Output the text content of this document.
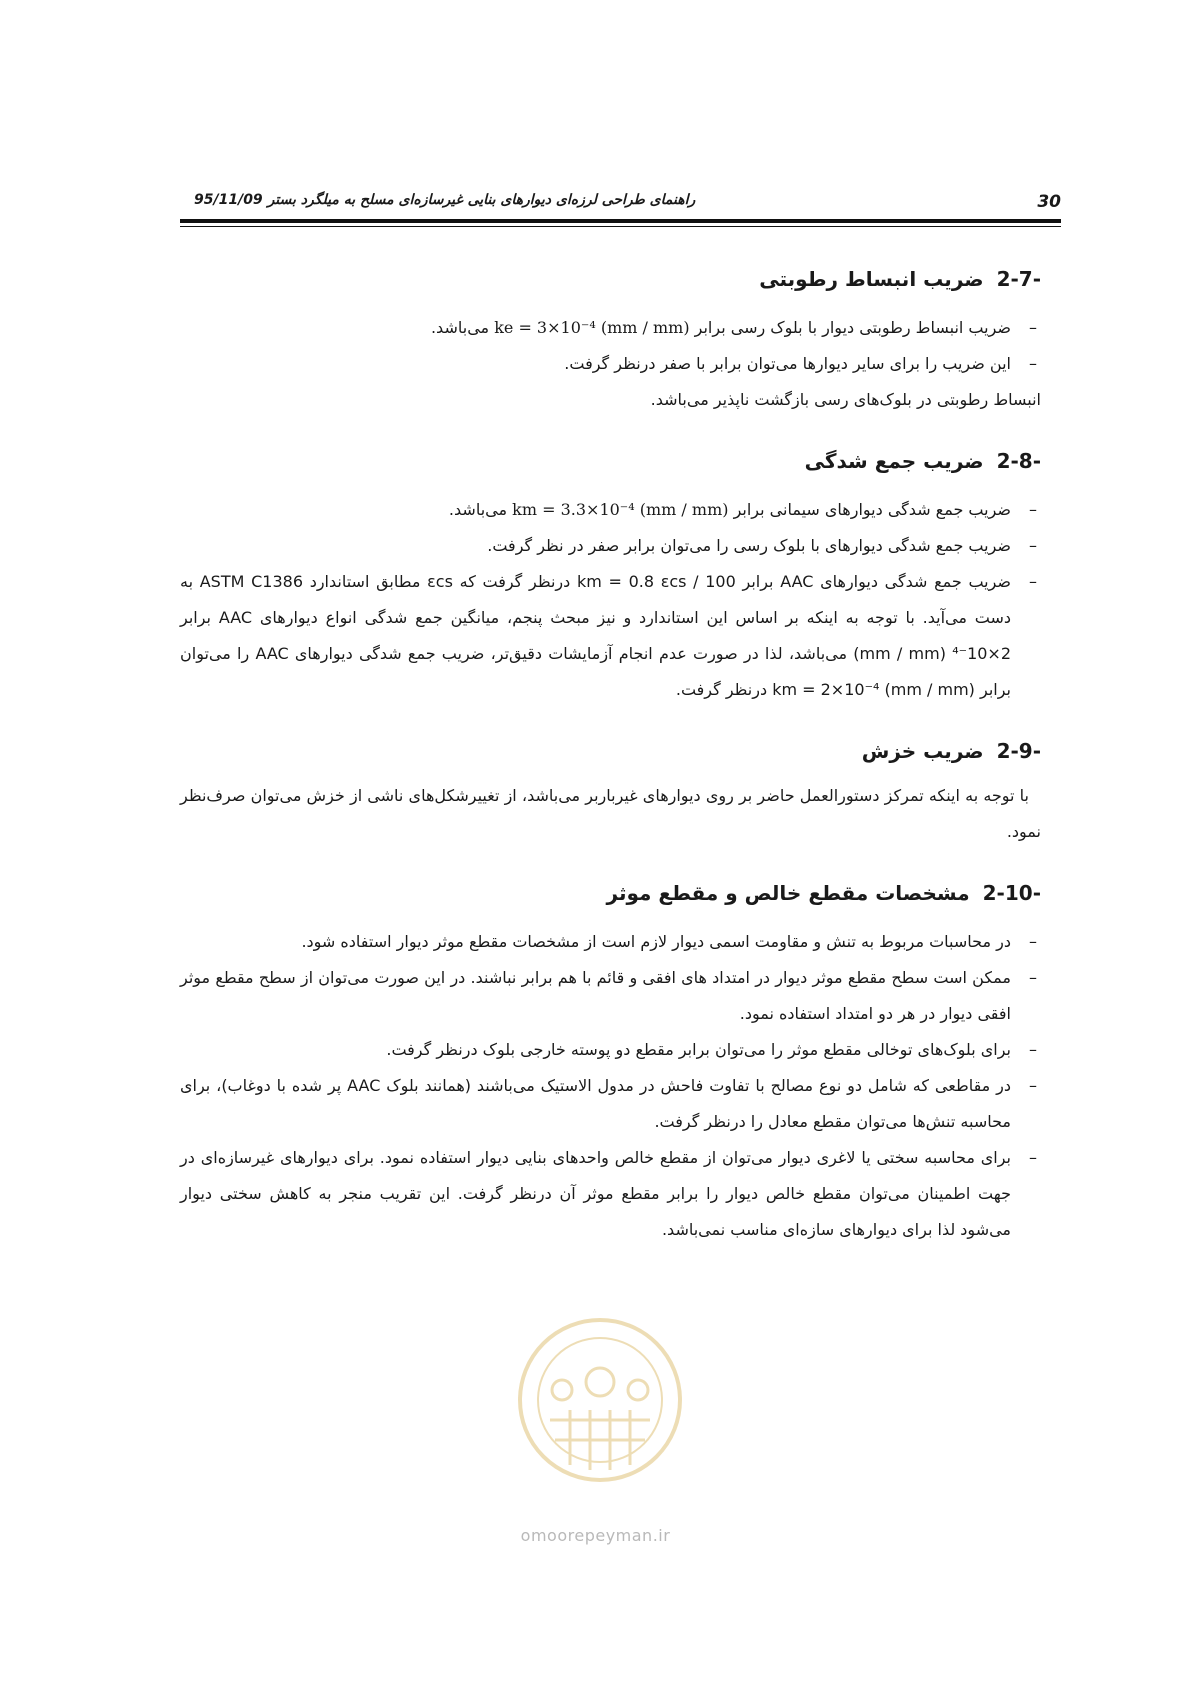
راهنمای طراحی لرزه‌ای دیوارهای بنایی غیرسازه‌ای مسلح به میلگرد بستر 95/11/09	30
2-7- ضریب انبساط رطوبتی
– ضریب انبساط رطوبتی دیوار با بلوک رسی برابر ke = 3×10⁻⁴ (mm / mm) می‌باشد.
– این ضریب را برای سایر دیوارها می‌توان برابر با صفر درنظر گرفت.

انبساط رطوبتی در بلوک‌های رسی بازگشت ناپذیر می‌باشد.

2-8- ضریب جمع شدگی
– ضریب جمع شدگی دیوارهای سیمانی برابر km = 3.3×10⁻⁴ (mm / mm) می‌باشد.
– ضریب جمع شدگی دیوارهای با بلوک رسی را می‌توان برابر صفر در نظر گرفت.
– ضریب جمع شدگی دیوارهای AAC برابر km = 0.8 εcs / 100 درنظر گرفت که εcs مطابق استاندارد ASTM C1386 به دست می‌آید. با توجه به اینکه بر اساس این استاندارد و نیز مبحث پنجم، میانگین جمع شدگی انواع دیوارهای AAC برابر 2×10⁻⁴ (mm / mm) می‌باشد، لذا در صورت عدم انجام آزمایشات دقیق‌تر، ضریب جمع شدگی دیوارهای AAC را می‌توان برابر km = 2×10⁻⁴ (mm / mm) درنظر گرفت.
2-9- ضریب خزش

با توجه به اینکه تمرکز دستورالعمل حاضر بر روی دیوارهای غیرباربر می‌باشد، از تغییرشکل‌های ناشی از خزش می‌توان صرف‌نظر نمود.

2-10- مشخصات مقطع خالص و مقطع موثر
– در محاسبات مربوط به تنش و مقاومت اسمی دیوار لازم است از مشخصات مقطع موثر دیوار استفاده شود.
– ممکن است سطح مقطع موثر دیوار در امتداد های افقی و قائم با هم برابر نباشند. در این صورت می‌توان از سطح مقطع موثر افقی دیوار در هر دو امتداد استفاده نمود.
– برای بلوک‌های توخالی مقطع موثر را می‌توان برابر مقطع دو پوسته خارجی بلوک درنظر گرفت.
– در مقاطعی که شامل دو نوع مصالح با تفاوت فاحش در مدول الاستیک می‌باشند (همانند بلوک AAC پر شده با دوغاب)، برای محاسبه تنش‌ها می‌توان مقطع معادل را درنظر گرفت.
– برای محاسبه سختی یا لاغری دیوار می‌توان از مقطع خالص واحدهای بنایی دیوار استفاده نمود. برای دیوارهای غیرسازه‌ای در جهت اطمینان می‌توان مقطع خالص دیوار را برابر مقطع موثر آن درنظر گرفت. این تقریب منجر به کاهش سختی دیوار می‌شود لذا برای دیوارهای سازه‌ای مناسب نمی‌باشد.
omoorepeyman.ir
